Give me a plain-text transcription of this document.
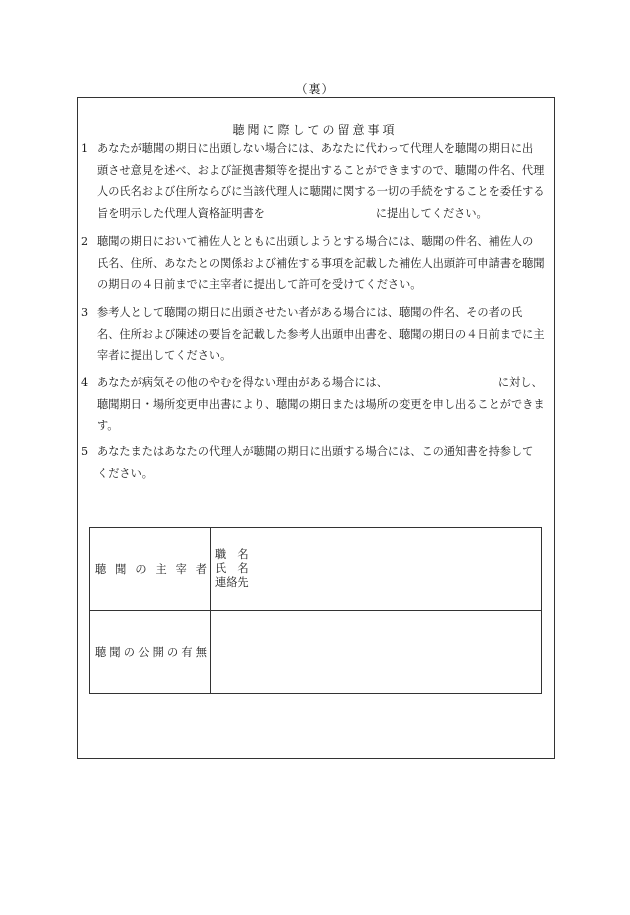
（裏）
聴聞に際しての留意事項
1 あなたが聴聞の期日に出頭しない場合には、あなたに代わって代理人を聴聞の期日に出
頭させ意見を述べ、および証拠書類等を提出することができますので、聴聞の件名、代理
人の氏名および住所ならびに当該代理人に聴聞に関する一切の手続をすることを委任する
旨を明示した代理人資格証明書を	に提出してください。
2 聴聞の期日において補佐人とともに出頭しようとする場合には、聴聞の件名、補佐人の
氏名、住所、あなたとの関係および補佐する事項を記載した補佐人出頭許可申請書を聴聞
の期日の４日前までに主宰者に提出して許可を受けてください。
3 参考人として聴聞の期日に出頭させたい者がある場合には、聴聞の件名、その者の氏
名、住所および陳述の要旨を記載した参考人出頭申出書を、聴聞の期日の４日前までに主
宰者に提出してください。
4 あなたが病気その他のやむを得ない理由がある場合には、	に対し、
聴聞期日・場所変更申出書により、聴聞の期日または場所の変更を申し出ることができま
す。
5 あなたまたはあなたの代理人が聴聞の期日に出頭する場合には、この通知書を持参して
ください。
聴聞の主宰者	職　名
氏　名
連絡先

聴聞の公開の有無	
